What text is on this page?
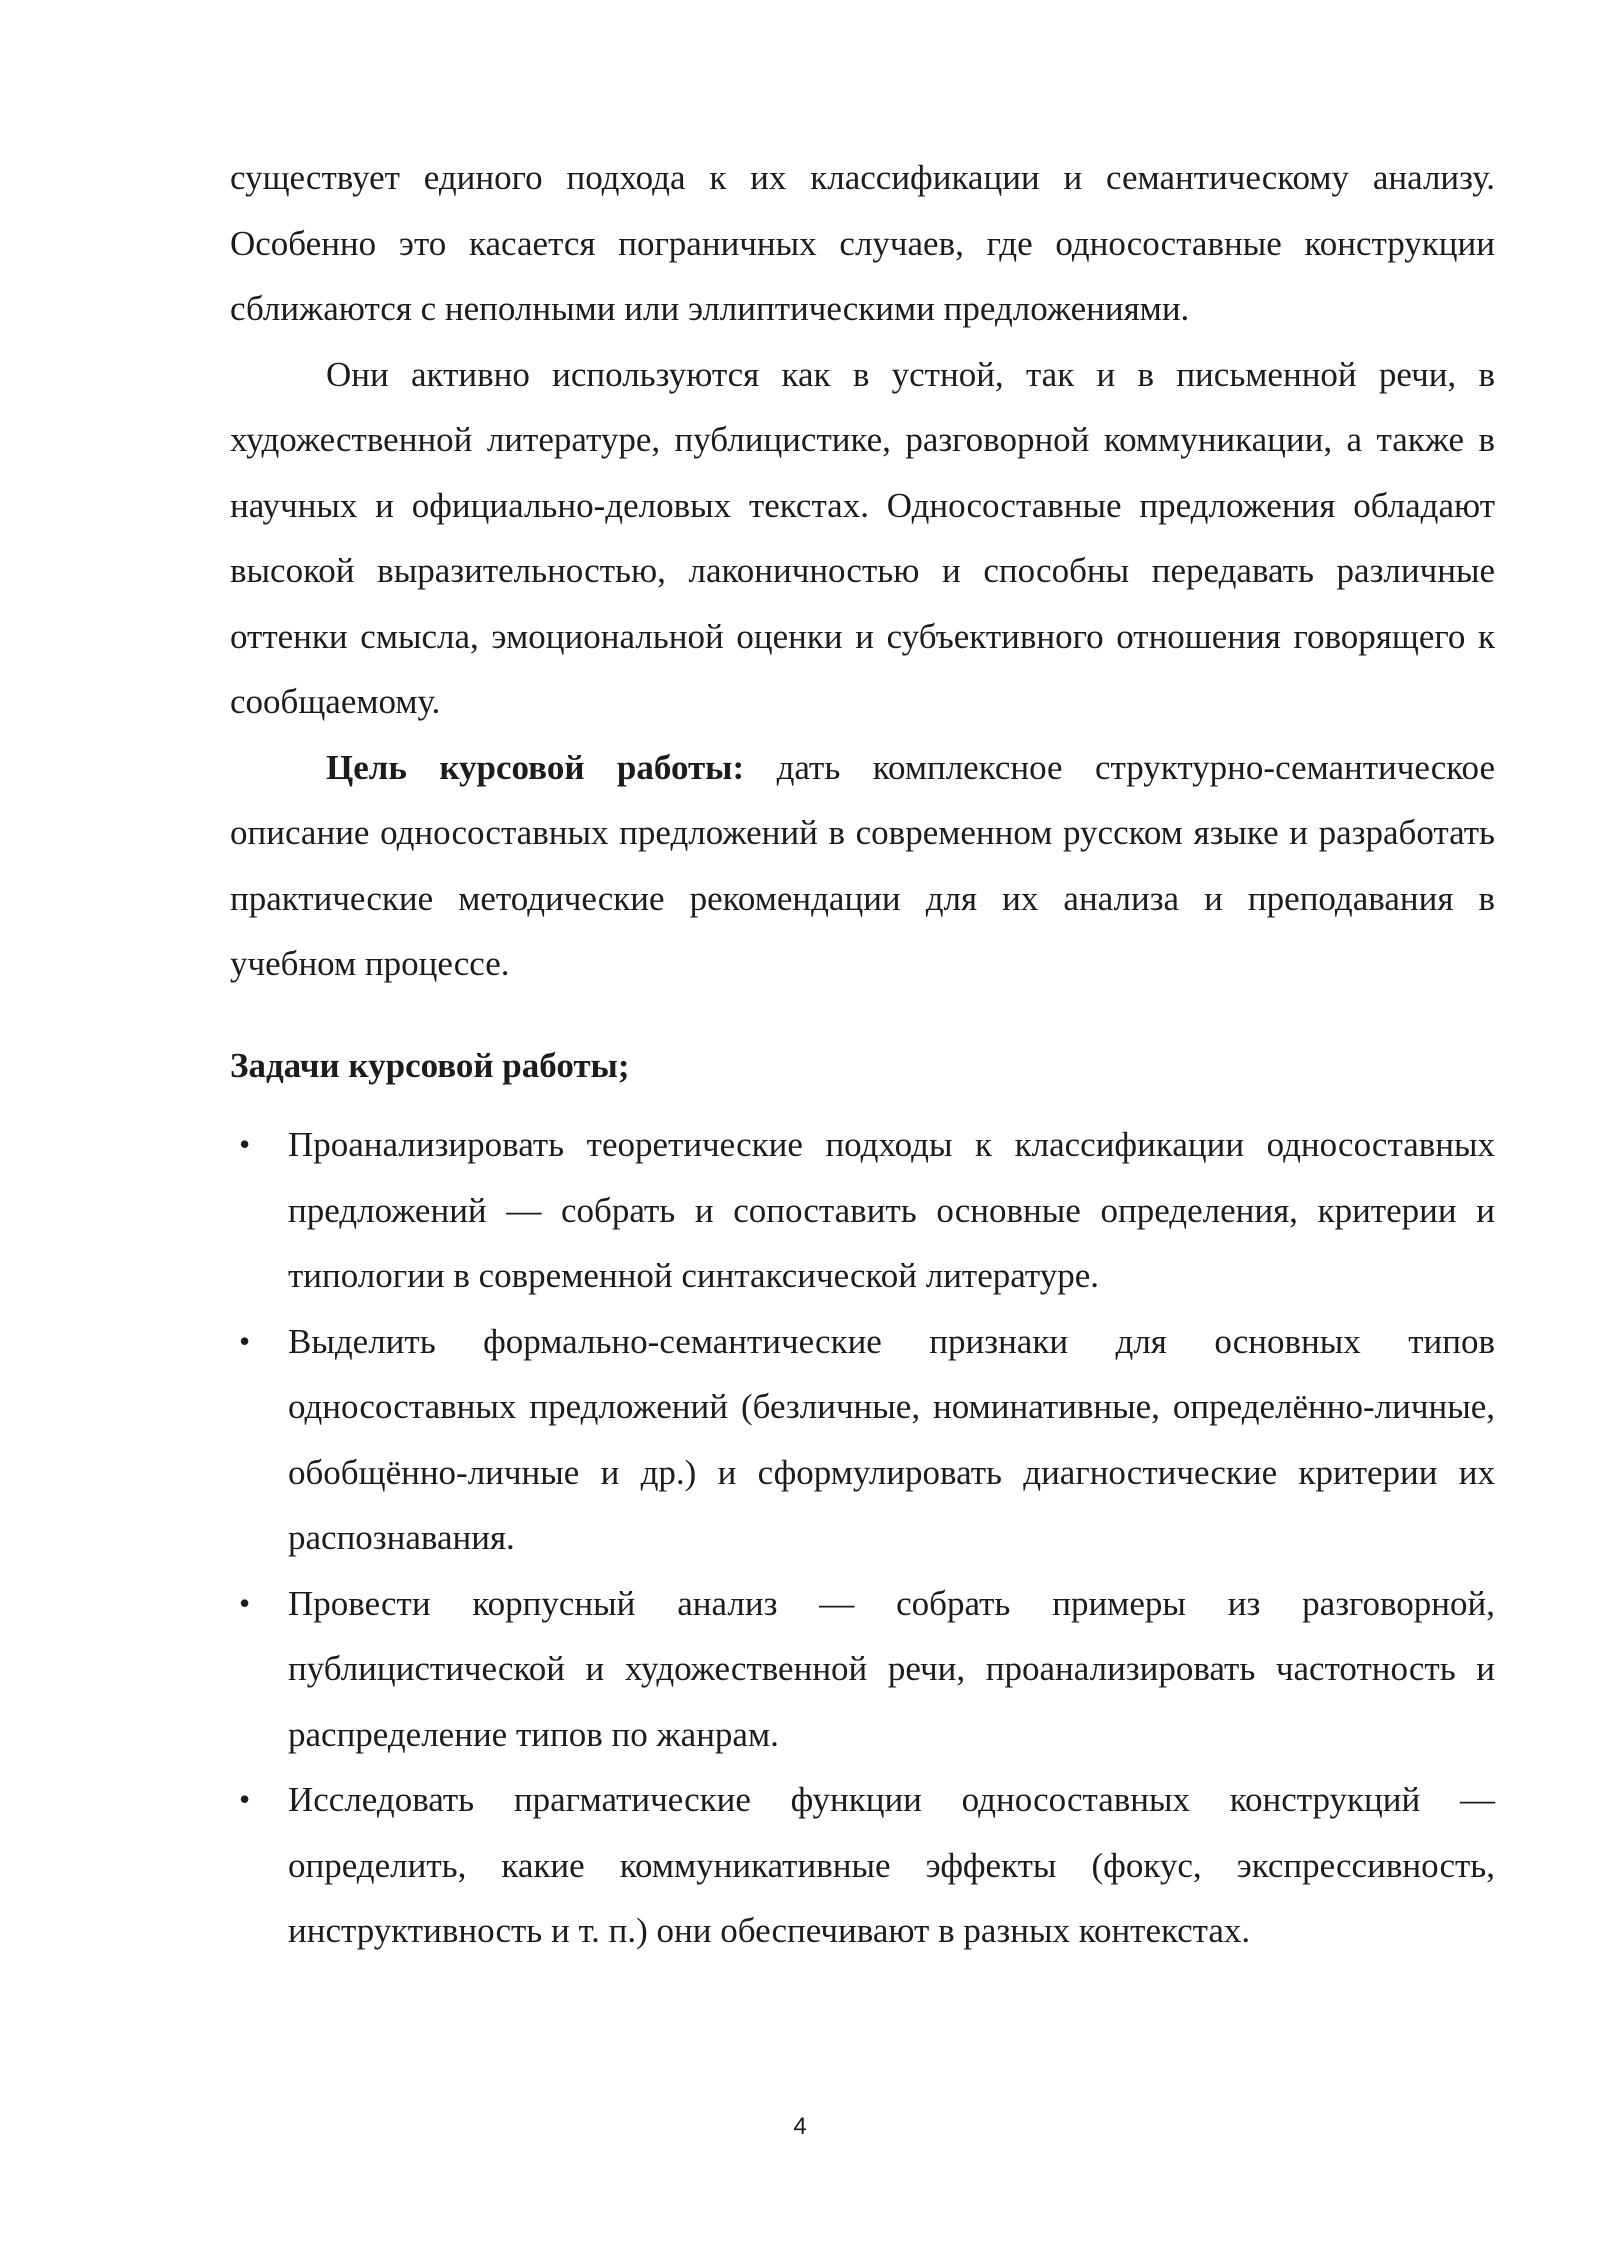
существует единого подхода к их классификации и семантическому анализу. Особенно это касается пограничных случаев, где односоставные конструкции сближаются с неполными или эллиптическими предложениями.

Они активно используются как в устной, так и в письменной речи, в художественной литературе, публицистике, разговорной коммуникации, а также в научных и официально-деловых текстах. Односоставные предложения обладают высокой выразительностью, лаконичностью и способны передавать различные оттенки смысла, эмоциональной оценки и субъективного отношения говорящего к сообщаемому.

Цель курсовой работы: дать комплексное структурно-семантическое описание односоставных предложений в современном русском языке и разработать практические методические рекомендации для их анализа и преподавания в учебном процессе.

Задачи курсовой работы;
•	Проанализировать теоретические подходы к классификации односоставных предложений — собрать и сопоставить основные определения, критерии и типологии в современной синтаксической литературе.
•	Выделить формально-семантические признаки для основных типов односоставных предложений (безличные, номинативные, определённо-личные, обобщённо-личные и др.) и сформулировать диагностические критерии их распознавания.
•	Провести корпусный анализ — собрать примеры из разговорной, публицистической и художественной речи, проанализировать частотность и распределение типов по жанрам.
•	Исследовать прагматические функции односоставных конструкций — определить, какие коммуникативные эффекты (фокус, экспрессивность, инструктивность и т. п.) они обеспечивают в разных контекстах.
4
